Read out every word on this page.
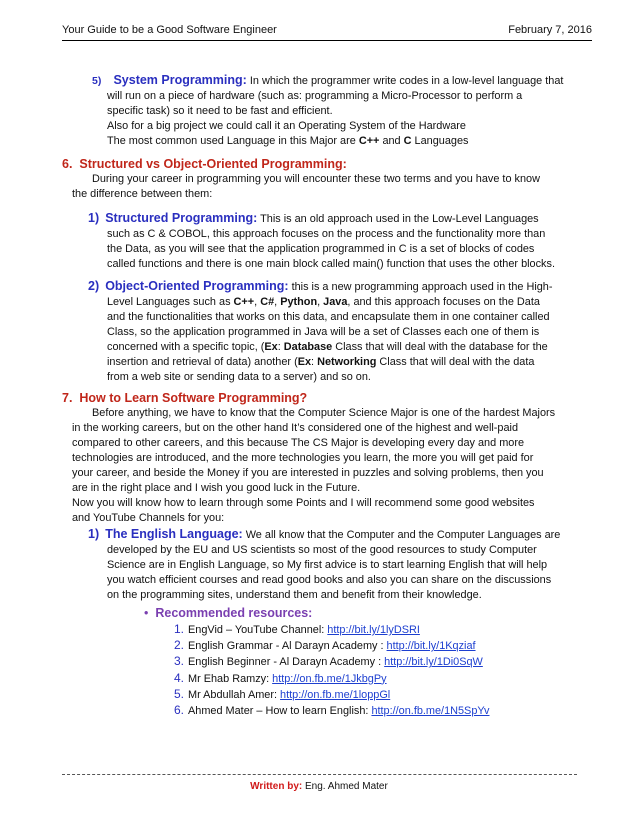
Your Guide to be a Good Software Engineer	February 7, 2016
5) System Programming: In which the programmer write codes in a low-level language that
will run on a piece of hardware (such as: programming a Micro-Processor to perform a
specific task) so it need to be fast and efficient.
Also for a big project we could call it an Operating System of the Hardware
The most common used Language in this Major are C++ and C Languages
6. Structured vs Object-Oriented Programming:
During your career in programming you will encounter these two terms and you have to know
the difference between them:
1) Structured Programming: This is an old approach used in the Low-Level Languages
such as C & COBOL, this approach focuses on the process and the functionality more than
the Data, as you will see that the application programmed in C is a set of blocks of codes
called functions and there is one main block called main() function that uses the other blocks.
2) Object-Oriented Programming: this is a new programming approach used in the High-
Level Languages such as C++, C#, Python, Java, and this approach focuses on the Data
and the functionalities that works on this data, and encapsulate them in one container called
Class, so the application programmed in Java will be a set of Classes each one of them is
concerned with a specific topic, (Ex: Database Class that will deal with the database for the
insertion and retrieval of data) another (Ex: Networking Class that will deal with the data
from a web site or sending data to a server) and so on.
7. How to Learn Software Programming?
Before anything, we have to know that the Computer Science Major is one of the hardest Majors
in the working careers, but on the other hand It’s considered one of the highest and well-paid
compared to other careers, and this because The CS Major is developing every day and more
technologies are introduced, and the more technologies you learn, the more you will get paid for
your career, and beside the Money if you are interested in puzzles and solving problems, then you
are in the right place and I wish you good luck in the Future.
Now you will know how to learn through some Points and I will recommend some good websites
and YouTube Channels for you:
1) The English Language: We all know that the Computer and the Computer Languages are
developed by the EU and US scientists so most of the good resources to study Computer
Science are in English Language, so My first advice is to start learning English that will help
you watch efficient courses and read good books and also you can share on the discussions
on the programming sites, understand them and benefit from their knowledge.
• Recommended resources:
1. EngVid – YouTube Channel: http://bit.ly/1lyDSRI
2. English Grammar - Al Darayn Academy : http://bit.ly/1Kqziaf
3. English Beginner - Al Darayn Academy : http://bit.ly/1Di0SqW
4. Mr Ehab Ramzy: http://on.fb.me/1JkbgPy
5. Mr Abdullah Amer: http://on.fb.me/1loppGl
6. Ahmed Mater – How to learn English: http://on.fb.me/1N5SpYv
Written by: Eng. Ahmed Mater
